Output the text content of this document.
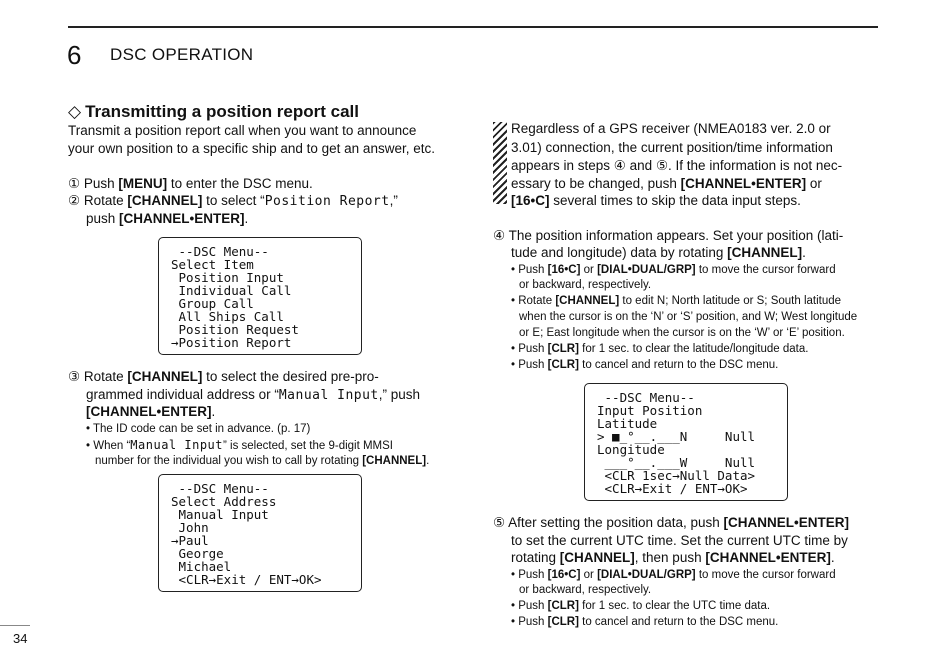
6 DSC OPERATION
◇ Transmitting a position report call
Transmit a position report call when you want to announce
your own position to a specific ship and to get an answer, etc.
① Push [MENU] to enter the DSC menu.
② Rotate [CHANNEL] to select “Position Report,”
push [CHANNEL•ENTER].
--DSC Menu--
Select Item
Position Input
Individual Call
Group Call
All Ships Call
Position Request
→Position Report
③ Rotate [CHANNEL] to select the desired pre-pro-
grammed individual address or “Manual Input,” push
[CHANNEL•ENTER].
• The ID code can be set in advance. (p. 17)
• When “Manual Input” is selected, set the 9-digit MMSI
number for the individual you wish to call by rotating [CHANNEL].
--DSC Menu--
Select Address
Manual Input
John
→Paul
George
Michael
<CLR→Exit / ENT→OK>
Regardless of a GPS receiver (NMEA0183 ver. 2.0 or
3.01) connection, the current position/time information
appears in steps ④ and ⑤. If the information is not nec-
essary to be changed, push [CHANNEL•ENTER] or
[16•C] several times to skip the data input steps.
④ The position information appears. Set your position (lati-
tude and longitude) data by rotating [CHANNEL].
• Push [16•C] or [DIAL•DUAL/GRP] to move the cursor forward
or backward, respectively.
• Rotate [CHANNEL] to edit N; North latitude or S; South latitude
when the cursor is on the ‘N’ or ‘S’ position, and W; West longitude
or E; East longitude when the cursor is on the ‘W’ or ‘E’ position.
• Push [CLR] for 1 sec. to clear the latitude/longitude data.
• Push [CLR] to cancel and return to the DSC menu.
--DSC Menu--
Input Position
Latitude
> ■_°__.___N     Null
Longitude
___°__.___W     Null
<CLR 1sec→Null Data>
<CLR→Exit / ENT→OK>
⑤ After setting the position data, push [CHANNEL•ENTER]
to set the current UTC time. Set the current UTC time by
rotating [CHANNEL], then push [CHANNEL•ENTER].
• Push [16•C] or [DIAL•DUAL/GRP] to move the cursor forward
or backward, respectively.
• Push [CLR] for 1 sec. to clear the UTC time data.
• Push [CLR] to cancel and return to the DSC menu.
34
